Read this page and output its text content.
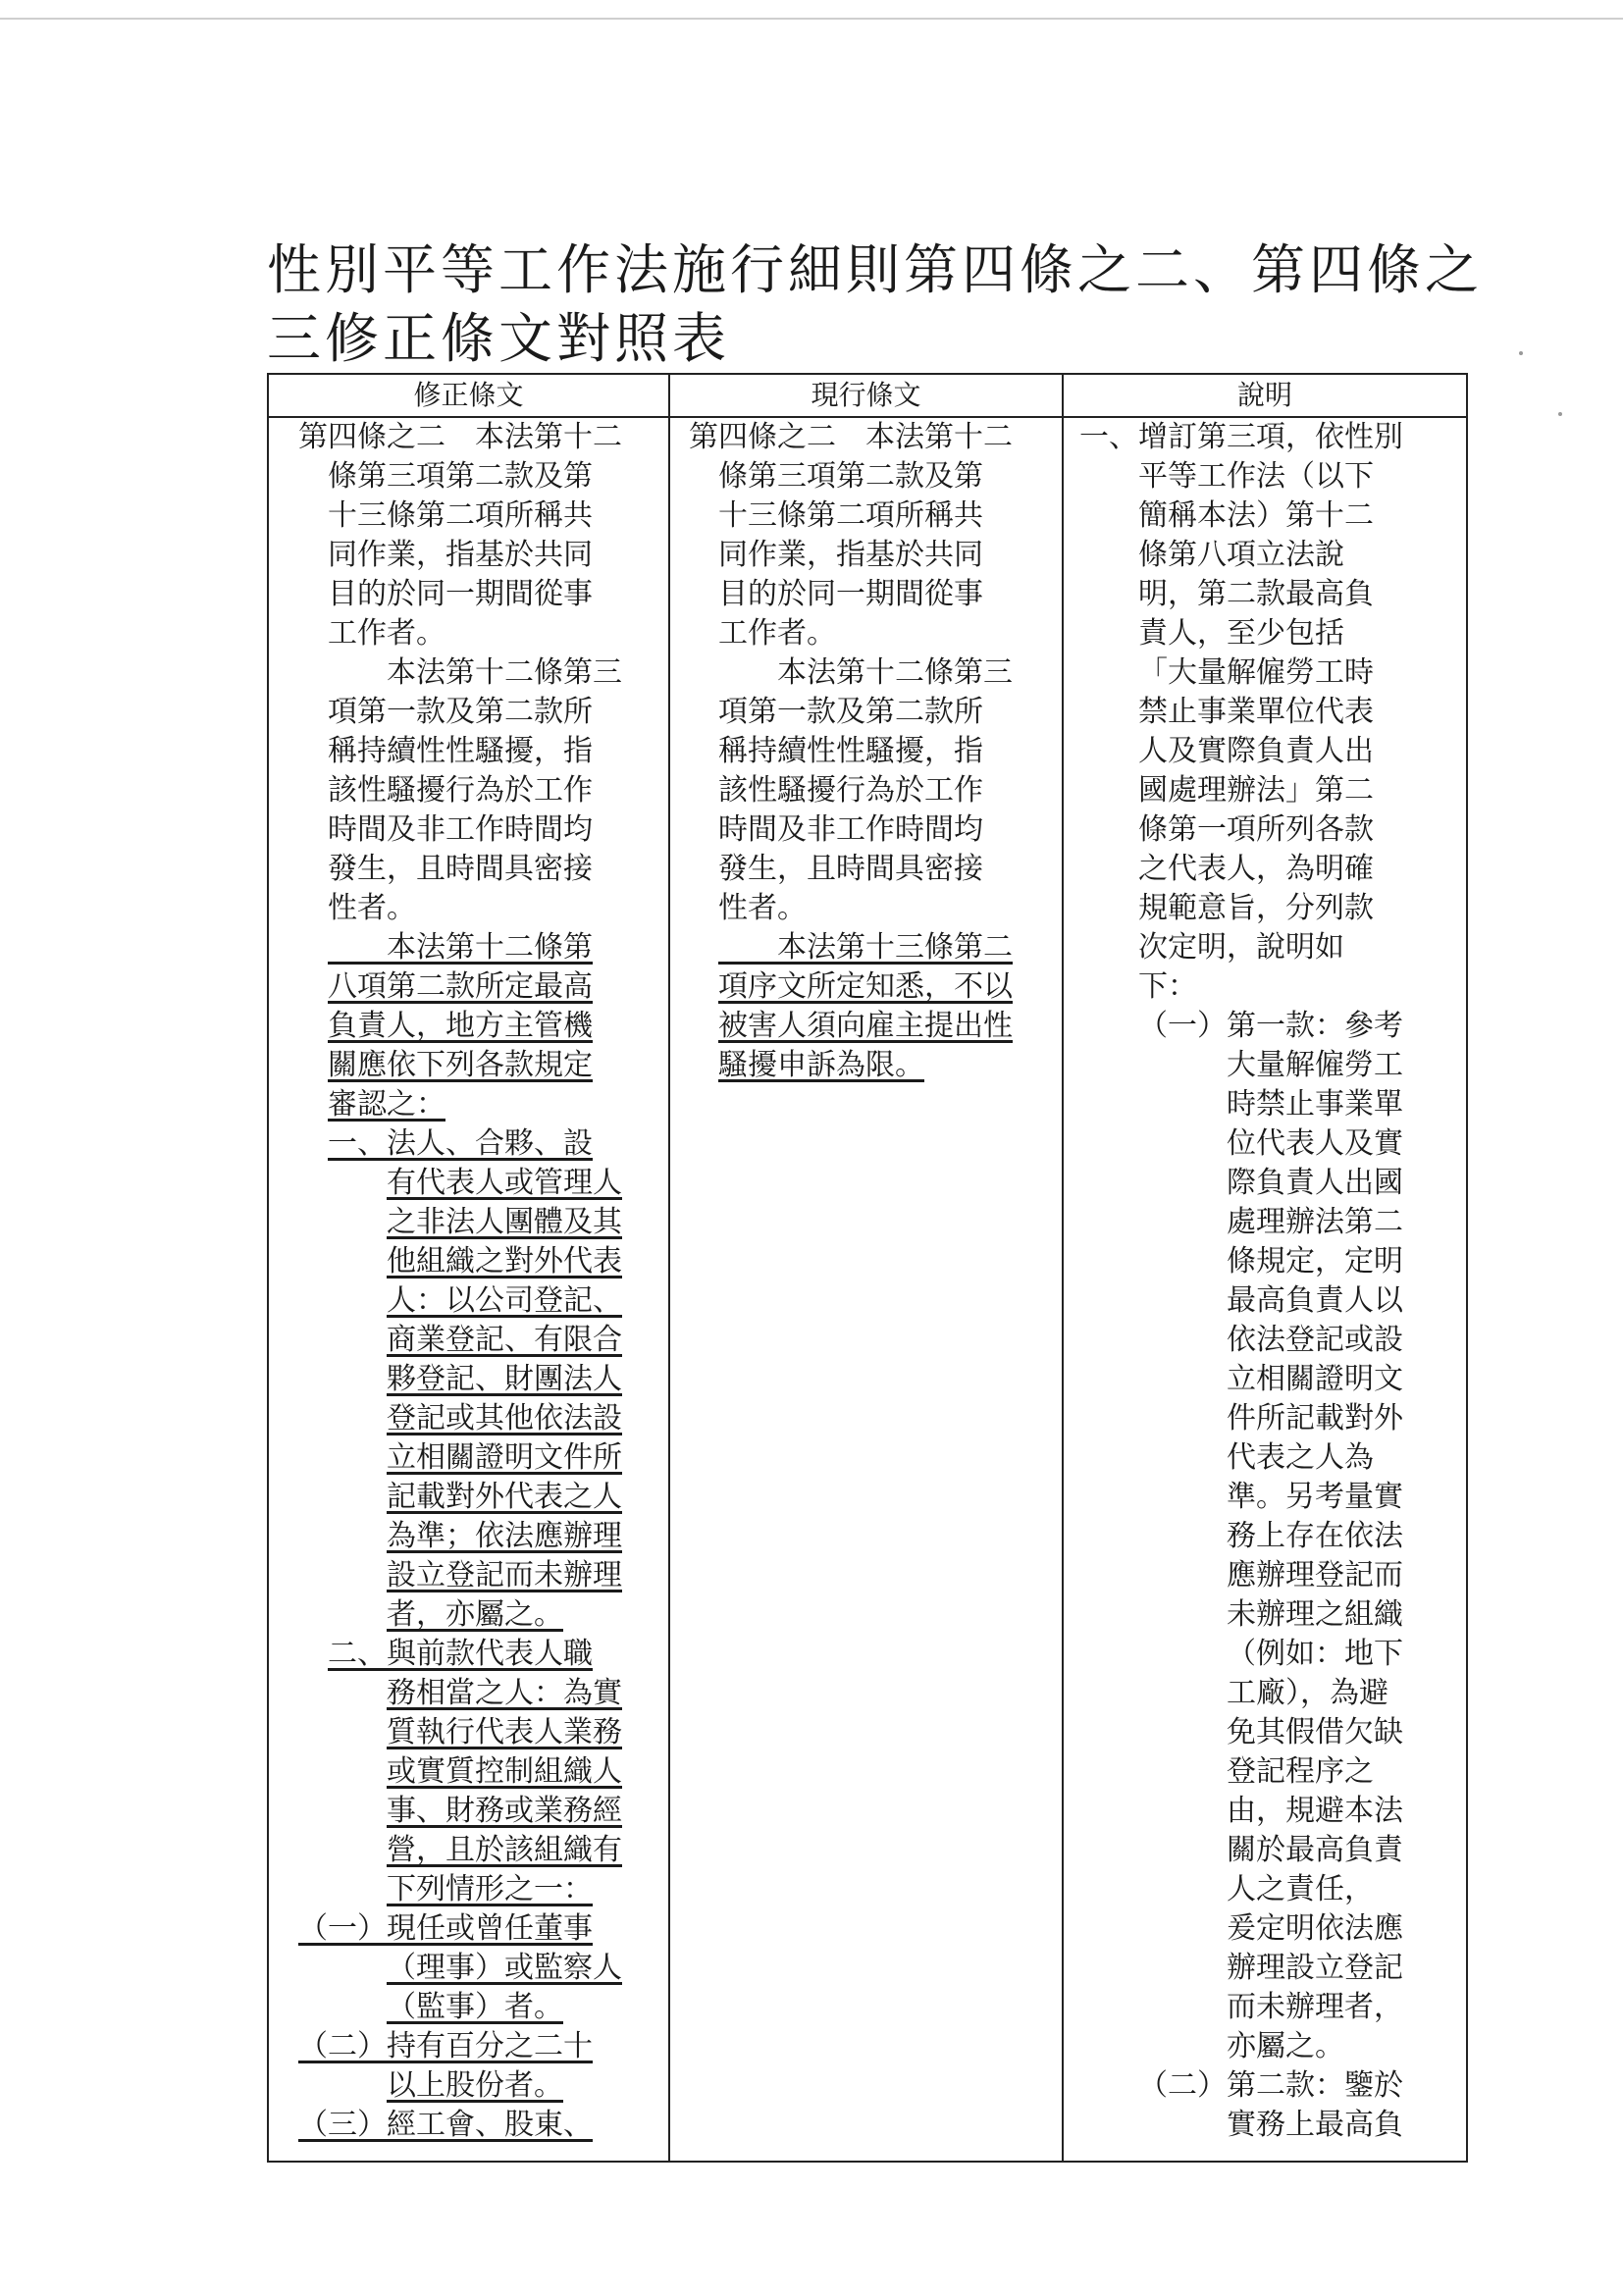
性別平等工作法施行細則第四條之二、第四條之
三修正條文對照表
修正條文	現行條文	說明
第四條之二　本法第十二
條第三項第二款及第
十三條第二項所稱共
同作業，指基於共同
目的於同一期間從事
工作者。
　　本法第十二條第三
項第一款及第二款所
稱持續性性騷擾，指
該性騷擾行為於工作
時間及非工作時間均
發生，且時間具密接
性者。
　　本法第十二條第
八項第二款所定最高
負責人，地方主管機
關應依下列各款規定
審認之：
一、法人、合夥、設
有代表人或管理人
之非法人團體及其
他組織之對外代表
人：以公司登記、
商業登記、有限合
夥登記、財團法人
登記或其他依法設
立相關證明文件所
記載對外代表之人
為準；依法應辦理
設立登記而未辦理
者，亦屬之。
二、與前款代表人職
務相當之人：為實
質執行代表人業務
或實質控制組織人
事、財務或業務經
營，且於該組織有
下列情形之一：
（一）現任或曾任董事
（理事）或監察人
（監事）者。
（二）持有百分之二十
以上股份者。
（三）經工會、股東、
第四條之二　本法第十二
條第三項第二款及第
十三條第二項所稱共
同作業，指基於共同
目的於同一期間從事
工作者。
　　本法第十二條第三
項第一款及第二款所
稱持續性性騷擾，指
該性騷擾行為於工作
時間及非工作時間均
發生，且時間具密接
性者。
　　本法第十三條第二
項序文所定知悉，不以
被害人須向雇主提出性
騷擾申訴為限。
一、增訂第三項，依性別
平等工作法（以下
簡稱本法）第十二
條第八項立法說
明，第二款最高負
責人，至少包括
「大量解僱勞工時
禁止事業單位代表
人及實際負責人出
國處理辦法」第二
條第一項所列各款
之代表人，為明確
規範意旨，分列款
次定明，說明如
下：
（一）第一款：參考
大量解僱勞工
時禁止事業單
位代表人及實
際負責人出國
處理辦法第二
條規定，定明
最高負責人以
依法登記或設
立相關證明文
件所記載對外
代表之人為
準。另考量實
務上存在依法
應辦理登記而
未辦理之組織
（例如：地下
工廠），為避
免其假借欠缺
登記程序之
由，規避本法
關於最高負責
人之責任，
爰定明依法應
辦理設立登記
而未辦理者，
亦屬之。
（二）第二款：鑒於
實務上最高負
